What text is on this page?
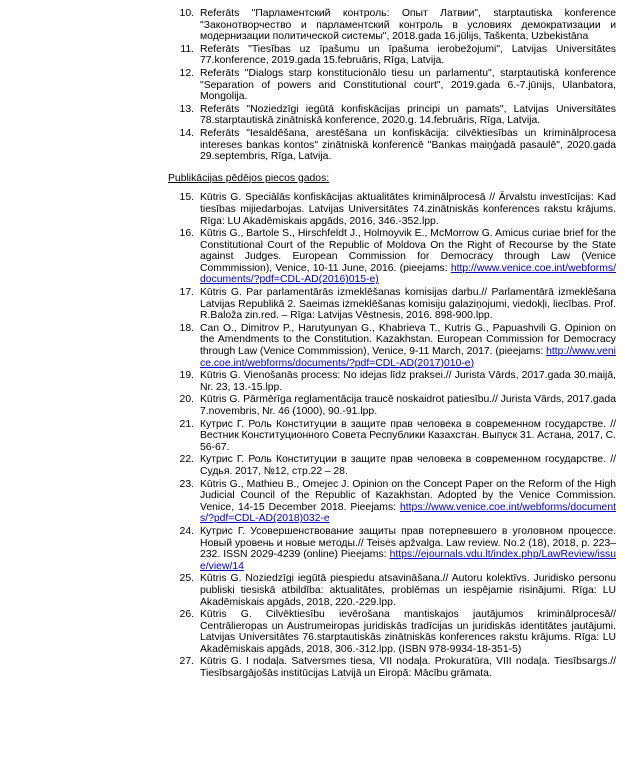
10. Referāts "Парламентский контроль: Опыт Латвии", starptautiska konference "Законотворчество и парламентский контроль в условиях демократизации и модернизации политической системы", 2018.gada 16.jūlijs, Taškenta, Uzbekistāna
11. Referāts "Tiesības uz īpašumu un īpašuma ierobežojumi", Latvijas Universitātes 77.konference, 2019.gada 15.februāris, Rīga, Latvija.
12. Referāts "Dialogs starp konstitucionālo tiesu un parlamentu", starptautiskā konference "Separation of powers and Constitutional court", 2019.gada 6.-7.jūnijs, Ulanbatora, Mongolija.
13. Referāts "Noziedzīgi iegūtā konfiskācijas principi un pamats", Latvijas Universitātes 78.starptautiskā zinātniskā konference, 2020.g. 14.februāris, Rīga, Latvija.
14. Referāts "Iesaldēšana, arestēšana un konfiskācija: cilvēktiesības un kriminālprocesa intereses bankas kontos" zinātniskā konferencē "Bankas maiņģadā pasaulē", 2020.gada 29.septembris, Rīga, Latvija.
Publikācijas pēdējos piecos gados:
15. Kūtris G. Speciālās konfiskācijas aktualitātes kriminālprocesā // Ārvalstu investīcijas: Kad tiesības mijiedarbojas. Latvijas Universitātes 74.zinātniskās konferences rakstu krājums. Rīga: LU Akadēmiskais apgāds, 2016, 346.-352.lpp.
16. Kūtris G., Bartole S., Hirschfeldt J., Holmoyvik E., McMorrow G. Amicus curiae brief for the Constitutional Court of the Republic of Moldova On the Right of Recourse by the State against Judges. European Commission for Democracy through Law (Venice Commmission), Venice, 10-11 June, 2016. (pieejams: http://www.venice.coe.int/webforms/documents/?pdf=CDL-AD(2016)015-e)
17. Kūtris G. Par parlamentārās izmeklēšanas komisijas darbu.// Parlamentārā izmeklēšana Latvijas Republikā 2. Saeimas izmeklēšanas komisiju galaziņojumi, viedokļi, liecības. Prof. R.Baloža zin.red. – Rīga: Latvijas Vēstnesis, 2016. 898-900.lpp.
18. Can O., Dimitrov P., Harutyunyan G., Khabrieva T., Kutris G., Papuashvili G. Opinion on the Amendments to the Constitution. Kazakhstan. European Commission for Democracy through Law (Venice Commmission), Venice, 9-11 March, 2017. (pieejams: http://www.venice.coe.int/webforms/documents/?pdf=CDL-AD(2017)010-e)
19. Kūtris G. Vienošanās process: No idejas līdz praksei.// Jurista Vārds, 2017.gada 30.maijā, Nr. 23, 13.-15.lpp.
20. Kūtris G. Pārmērīga reglamentācija traucē noskaidrot patiesību.// Jurista Vārds, 2017.gada 7.novembris, Nr. 46 (1000), 90.-91.lpp.
21. Кутрис Г. Роль Конституции в защите прав человека в современном государстве. // Вестник Конституционного Совета Республики Казахстан. Выпуск 31. Астана, 2017, С. 56-67.
22. Кутрис Г. Роль Конституции в защите прав человека в современном государстве. // Судья. 2017, №12, стр.22 – 28.
23. Kūtris G., Mathieu B., Omejec J. Opinion on the Concept Paper on the Reform of the High Judicial Council of the Republic of Kazakhstan. Adopted by the Venice Commission. Venice, 14-15 December 2018. Pieejams: https://www.venice.coe.int/webforms/documents/?pdf=CDL-AD(2018)032-e
24. Кутрис Г. Усовершенствование защиты прав потерпевшего в уголовном процессе. Новый уровень и новые методы.// Teisės apžvalga. Law review. No.2 (18), 2018, p. 223–232. ISSN 2029-4239 (online) Pieejams: https://ejournals.vdu.lt/index.php/LawReview/issue/view/14
25. Kūtris G. Noziedzīgi iegūtā piespiedu atsavināšana.// Autoru kolektīvs. Juridisko personu publiski tiesiskā atbildība: aktualitātes, problēmas un iespējamie risinājumi. Rīga: LU Akadēmiskais apgāds, 2018, 220.-229.lpp.
26. Kūtris G. Cilvēktiesību ievērošana mantiskajos jautājumos kriminālprocesā// Centrālieropas un Austrumeiropas juridiskās tradīcijas un juridiskās identitātes jautājumi. Latvijas Universitātes 76.starptautiskās zinātniskās konferences rakstu krājums. Rīga: LU Akadēmiskais apgāds, 2018, 306.-312.lpp. (ISBN 978-9934-18-351-5)
27. Kūtris G. I nodaļa. Satversmes tiesa, VII nodaļa. Prokuratūra, VIII nodaļa. Tiesībsargs.// Tiesībsargājošās institūcijas Latvijā un Eiropā: Mācību grāmata.
